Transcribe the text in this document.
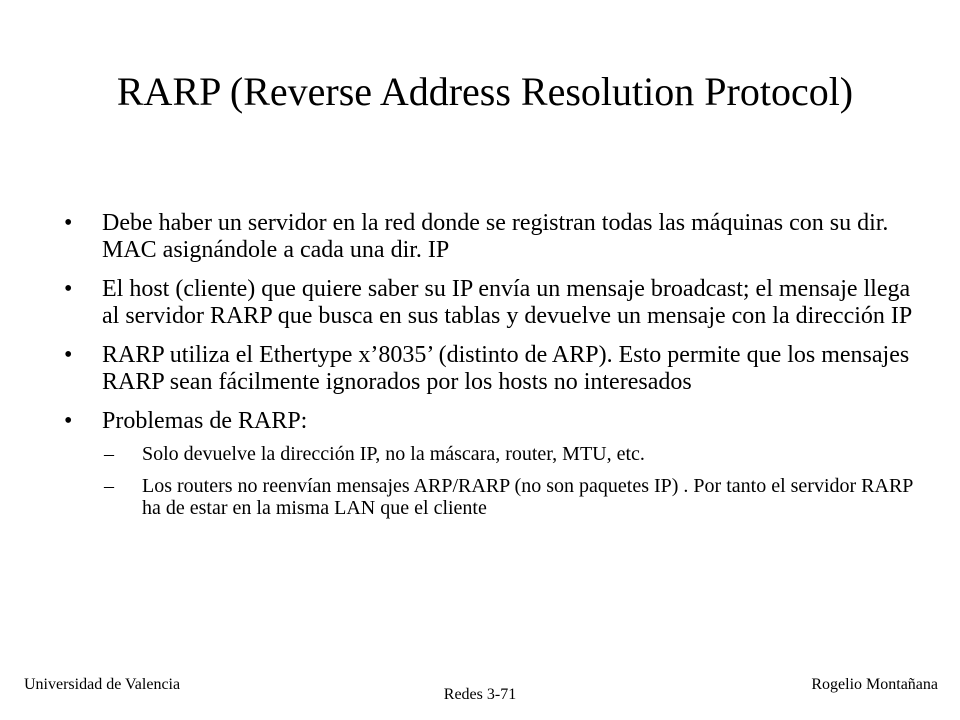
RARP (Reverse Address Resolution Protocol)
• Debe haber un servidor en la red donde se registran todas las máquinas con su dir. MAC asignándole a cada una dir. IP
• El host (cliente) que quiere saber su IP envía un mensaje broadcast; el mensaje llega al servidor RARP que busca en sus tablas y devuelve un mensaje con la dirección IP
• RARP utiliza el Ethertype x’8035’ (distinto de ARP). Esto permite que los mensajes RARP sean fácilmente ignorados por los hosts no interesados
• Problemas de RARP:
– Solo devuelve la dirección IP, no la máscara, router, MTU, etc.
– Los routers no reenvían mensajes ARP/RARP (no son paquetes IP) . Por tanto el servidor RARP ha de estar en la misma LAN que el cliente
Universidad de Valencia
Redes 3-71
Rogelio Montañana
